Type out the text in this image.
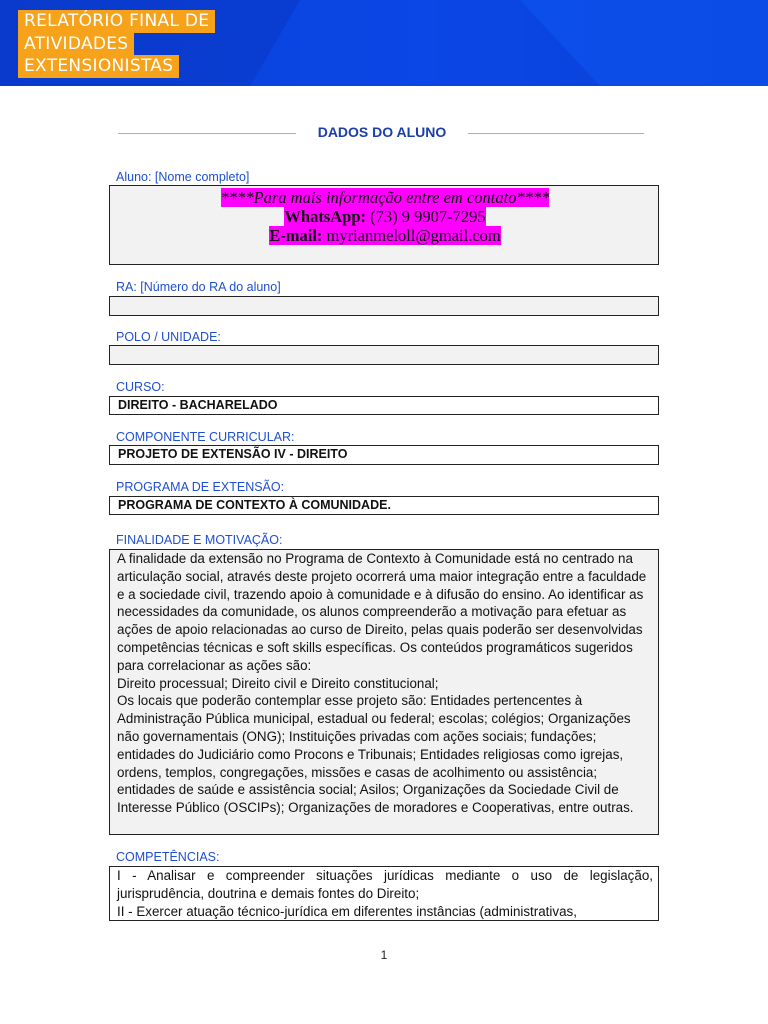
RELATÓRIO FINAL DE
ATIVIDADES
EXTENSIONISTAS
DADOS DO ALUNO
Aluno: [Nome completo]
****Para mais informação entre em contato****
WhatsApp: (73) 9 9907-7295
E-mail: myrianmeloll@gmail.com
RA: [Número do RA do aluno]
POLO / UNIDADE:
CURSO:
DIREITO - BACHARELADO
COMPONENTE CURRICULAR:
PROJETO DE EXTENSÃO IV - DIREITO
PROGRAMA DE EXTENSÃO:
PROGRAMA DE CONTEXTO À COMUNIDADE.
FINALIDADE E MOTIVAÇÃO:

A finalidade da extensão no Programa de Contexto à Comunidade está no centrado na articulação social, através deste projeto ocorrerá uma maior integração entre a faculdade e a sociedade civil, trazendo apoio à comunidade e à difusão do ensino. Ao identificar as necessidades da comunidade, os alunos compreenderão a motivação para efetuar as ações de apoio relacionadas ao curso de Direito, pelas quais poderão ser desenvolvidas competências técnicas e soft skills específicas. Os conteúdos programáticos sugeridos para correlacionar as ações são:

Direito processual; Direito civil e Direito constitucional;

Os locais que poderão contemplar esse projeto são: Entidades pertencentes à Administração Pública municipal, estadual ou federal; escolas; colégios; Organizações não governamentais (ONG); Instituições privadas com ações sociais; fundações; entidades do Judiciário como Procons e Tribunais; Entidades religiosas como igrejas, ordens, templos, congregações, missões e casas de acolhimento ou assistência; entidades de saúde e assistência social; Asilos; Organizações da Sociedade Civil de Interesse Público (OSCIPs); Organizações de moradores e Cooperativas, entre outras.

COMPETÊNCIAS:

I - Analisar e compreender situações jurídicas mediante o uso de legislação, jurisprudência, doutrina e demais fontes do Direito;

II - Exercer atuação técnico-jurídica em diferentes instâncias (administrativas,

1
